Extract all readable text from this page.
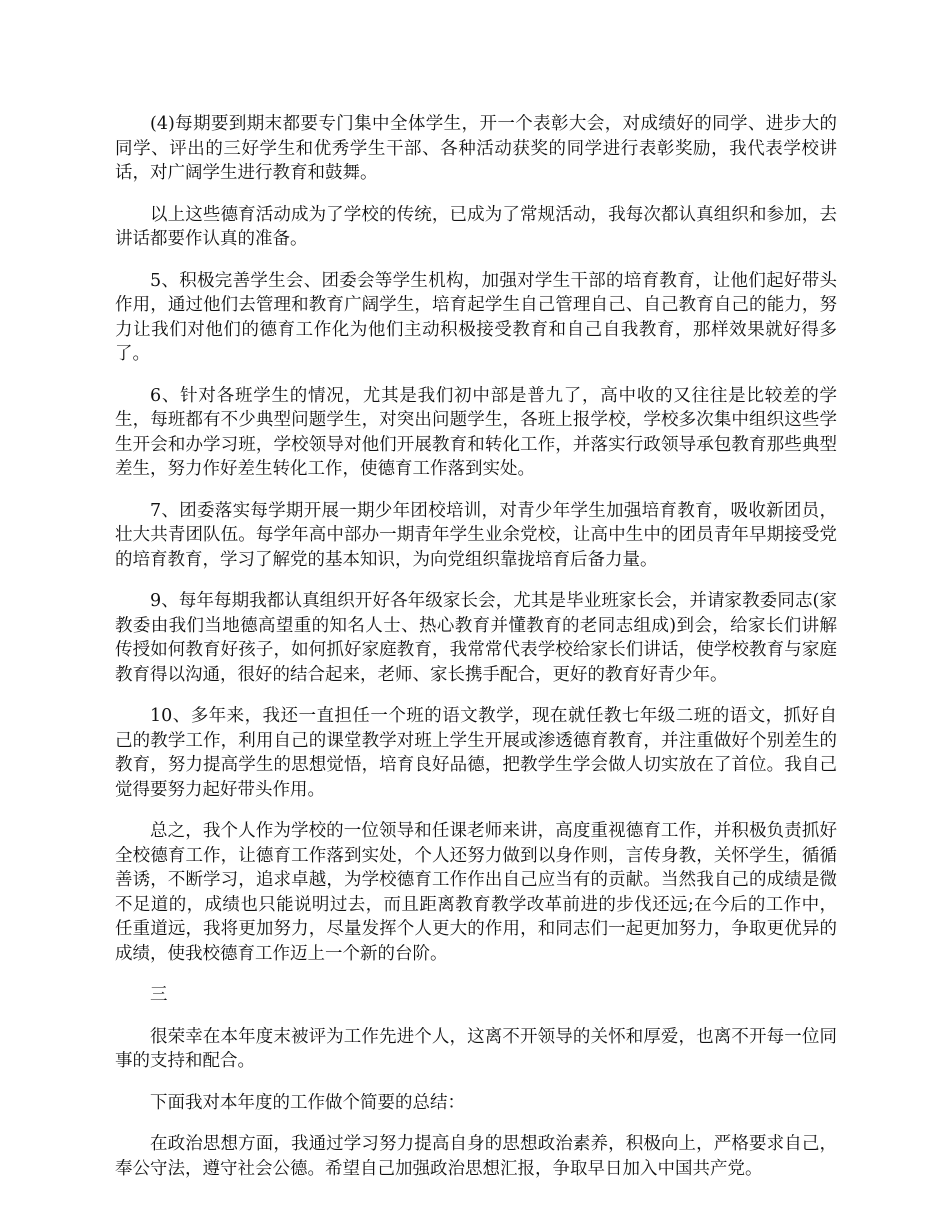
(4)每期要到期末都要专门集中全体学生，开一个表彰大会，对成绩好的同学、进步大的同学、评出的三好学生和优秀学生干部、各种活动获奖的同学进行表彰奖励，我代表学校讲话，对广阔学生进行教育和鼓舞。

以上这些德育活动成为了学校的传统，已成为了常规活动，我每次都认真组织和参加，去讲话都要作认真的准备。

5、积极完善学生会、团委会等学生机构，加强对学生干部的培育教育，让他们起好带头作用，通过他们去管理和教育广阔学生，培育起学生自己管理自己、自己教育自己的能力，努力让我们对他们的德育工作化为他们主动积极接受教育和自己自我教育，那样效果就好得多了。

6、针对各班学生的情况，尤其是我们初中部是普九了，高中收的又往往是比较差的学生，每班都有不少典型问题学生，对突出问题学生，各班上报学校，学校多次集中组织这些学生开会和办学习班，学校领导对他们开展教育和转化工作，并落实行政领导承包教育那些典型差生，努力作好差生转化工作，使德育工作落到实处。

7、团委落实每学期开展一期少年团校培训，对青少年学生加强培育教育，吸收新团员，壮大共青团队伍。每学年高中部办一期青年学生业余党校，让高中生中的团员青年早期接受党的培育教育，学习了解党的基本知识，为向党组织靠拢培育后备力量。

9、每年每期我都认真组织开好各年级家长会，尤其是毕业班家长会，并请家教委同志(家教委由我们当地德高望重的知名人士、热心教育并懂教育的老同志组成)到会，给家长们讲解传授如何教育好孩子，如何抓好家庭教育，我常常代表学校给家长们讲话，使学校教育与家庭教育得以沟通，很好的结合起来，老师、家长携手配合，更好的教育好青少年。

10、多年来，我还一直担任一个班的语文教学，现在就任教七年级二班的语文，抓好自己的教学工作，利用自己的课堂教学对班上学生开展或渗透德育教育，并注重做好个别差生的教育，努力提高学生的思想觉悟，培育良好品德，把教学生学会做人切实放在了首位。我自己觉得要努力起好带头作用。

总之，我个人作为学校的一位领导和任课老师来讲，高度重视德育工作，并积极负责抓好全校德育工作，让德育工作落到实处，个人还努力做到以身作则，言传身教，关怀学生，循循善诱，不断学习，追求卓越，为学校德育工作作出自己应当有的贡献。当然我自己的成绩是微不足道的，成绩也只能说明过去，而且距离教育教学改革前进的步伐还远;在今后的工作中，任重道远，我将更加努力，尽量发挥个人更大的作用，和同志们一起更加努力，争取更优异的成绩，使我校德育工作迈上一个新的台阶。

三

很荣幸在本年度末被评为工作先进个人，这离不开领导的关怀和厚爱，也离不开每一位同事的支持和配合。

下面我对本年度的工作做个简要的总结：

在政治思想方面，我通过学习努力提高自身的思想政治素养，积极向上，严格要求自己，奉公守法，遵守社会公德。希望自己加强政治思想汇报，争取早日加入中国共产党。
